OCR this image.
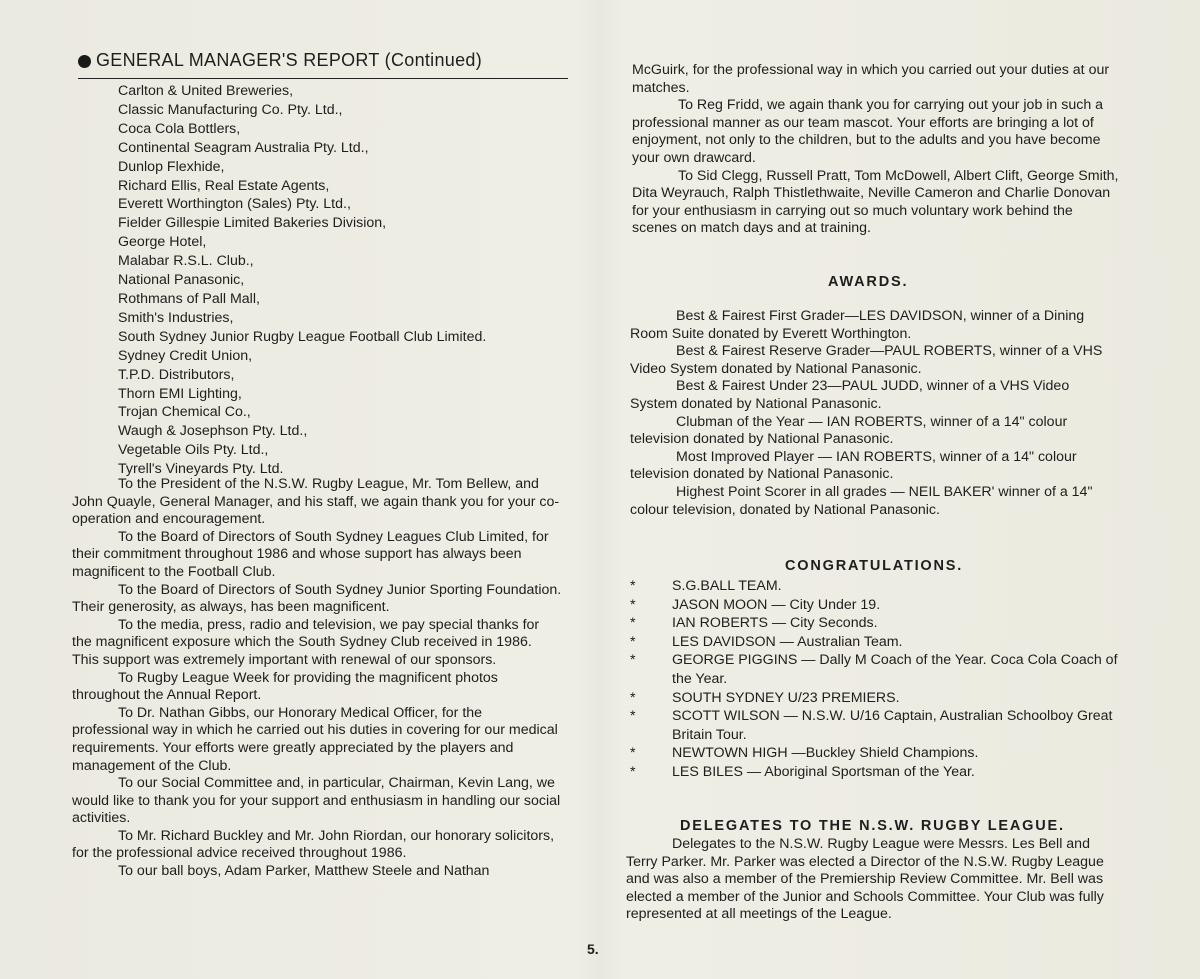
GENERAL MANAGER'S REPORT (Continued)
Carlton & United Breweries,
Classic Manufacturing Co. Pty. Ltd.,
Coca Cola Bottlers,
Continental Seagram Australia Pty. Ltd.,
Dunlop Flexhide,
Richard Ellis, Real Estate Agents,
Everett Worthington (Sales) Pty. Ltd.,
Fielder Gillespie Limited Bakeries Division,
George Hotel,
Malabar R.S.L. Club.,
National Panasonic,
Rothmans of Pall Mall,
Smith's Industries,
South Sydney Junior Rugby League Football Club Limited.
Sydney Credit Union,
T.P.D. Distributors,
Thorn EMI Lighting,
Trojan Chemical Co.,
Waugh & Josephson Pty. Ltd.,
Vegetable Oils Pty. Ltd.,
Tyrell's Vineyards Pty. Ltd.

To the President of the N.S.W. Rugby League, Mr. Tom Bellew, and John Quayle, General Manager, and his staff, we again thank you for your co-operation and encouragement.

To the Board of Directors of South Sydney Leagues Club Limited, for their commitment throughout 1986 and whose support has always been magnificent to the Football Club.

To the Board of Directors of South Sydney Junior Sporting Foundation. Their generosity, as always, has been magnificent.

To the media, press, radio and television, we pay special thanks for the magnificent exposure which the South Sydney Club received in 1986. This support was extremely important with renewal of our sponsors.

To Rugby League Week for providing the magnificent photos throughout the Annual Report.

To Dr. Nathan Gibbs, our Honorary Medical Officer, for the professional way in which he carried out his duties in covering for our medical requirements. Your efforts were greatly appreciated by the players and management of the Club.

To our Social Committee and, in particular, Chairman, Kevin Lang, we would like to thank you for your support and enthusiasm in handling our social activities.

To Mr. Richard Buckley and Mr. John Riordan, our honorary solicitors, for the professional advice received throughout 1986.

To our ball boys, Adam Parker, Matthew Steele and Nathan

McGuirk, for the professional way in which you carried out your duties at our matches.

To Reg Fridd, we again thank you for carrying out your job in such a professional manner as our team mascot. Your efforts are bringing a lot of enjoyment, not only to the children, but to the adults and you have become your own drawcard.

To Sid Clegg, Russell Pratt, Tom McDowell, Albert Clift, George Smith, Dita Weyrauch, Ralph Thistlethwaite, Neville Cameron and Charlie Donovan for your enthusiasm in carrying out so much voluntary work behind the scenes on match days and at training.

AWARDS.

Best & Fairest First Grader—LES DAVIDSON, winner of a Dining Room Suite donated by Everett Worthington.

Best & Fairest Reserve Grader—PAUL ROBERTS, winner of a VHS Video System donated by National Panasonic.

Best & Fairest Under 23—PAUL JUDD, winner of a VHS Video System donated by National Panasonic.

Clubman of the Year — IAN ROBERTS, winner of a 14" colour television donated by National Panasonic.

Most Improved Player — IAN ROBERTS, winner of a 14" colour television donated by National Panasonic.

Highest Point Scorer in all grades — NEIL BAKER' winner of a 14" colour television, donated by National Panasonic.

CONGRATULATIONS.
*	S.G.BALL TEAM.
*	JASON MOON — City Under 19.
*	IAN ROBERTS — City Seconds.
*	LES DAVIDSON — Australian Team.
*	GEORGE PIGGINS — Dally M Coach of the Year. Coca Cola Coach of the Year.
*	SOUTH SYDNEY U/23 PREMIERS.
*	SCOTT WILSON — N.S.W. U/16 Captain, Australian Schoolboy Great Britain Tour.
*	NEWTOWN HIGH —Buckley Shield Champions.
*	LES BILES — Aboriginal Sportsman of the Year.
DELEGATES TO THE N.S.W. RUGBY LEAGUE.

Delegates to the N.S.W. Rugby League were Messrs. Les Bell and Terry Parker. Mr. Parker was elected a Director of the N.S.W. Rugby League and was also a member of the Premiership Review Committee. Mr. Bell was elected a member of the Junior and Schools Committee. Your Club was fully represented at all meetings of the League.

5.
